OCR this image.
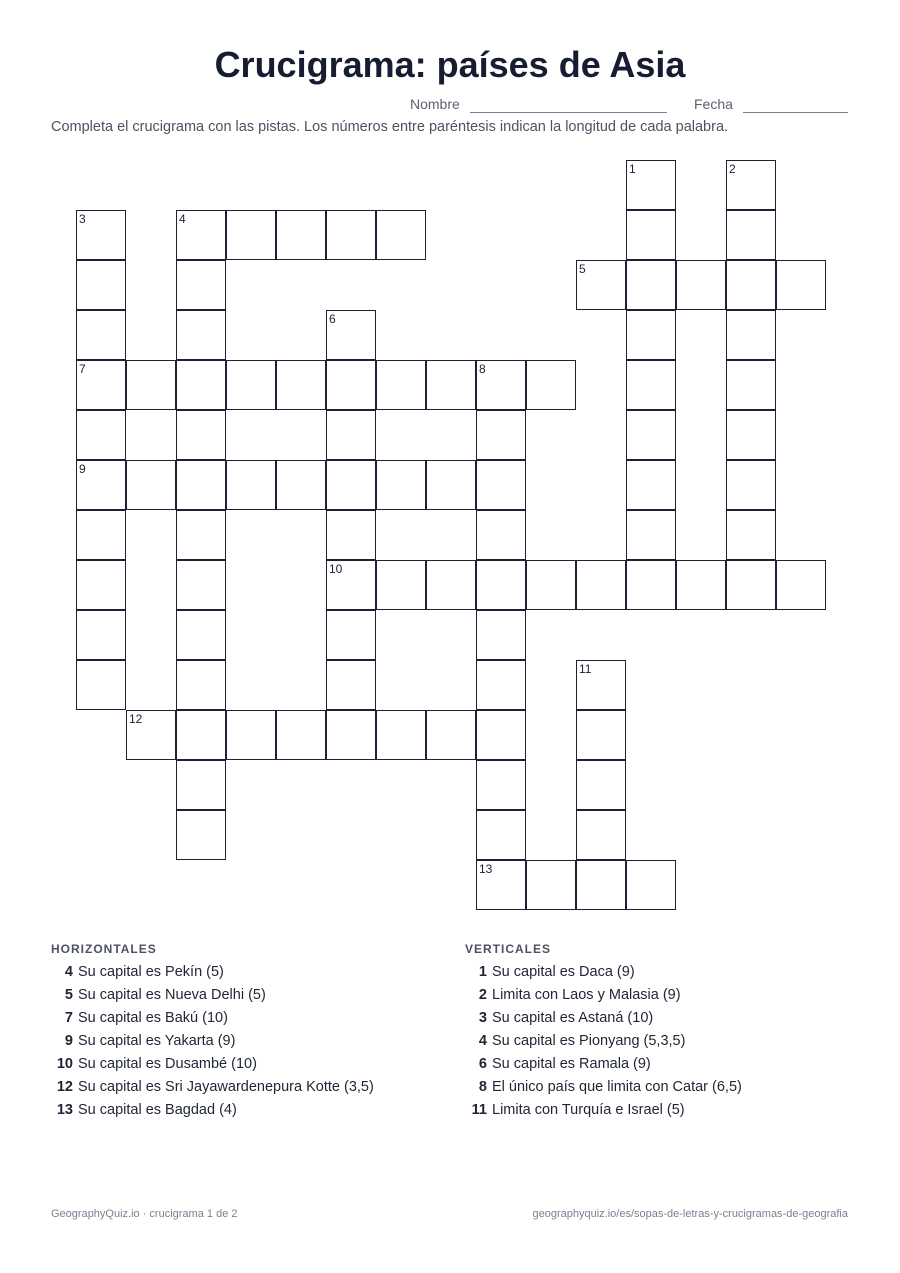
Crucigrama: países de Asia
Nombre	Fecha
Completa el crucigrama con las pistas. Los números entre paréntesis indican la longitud de cada palabra.
1	2
3
7
9
4
5
6
10
8
13
11
12
HORIZONTALES
4 Su capital es Pekín (5)
5 Su capital es Nueva Delhi (5)
7 Su capital es Bakú (10)
9 Su capital es Yakarta (9)
10 Su capital es Dusambé (10)
12 Su capital es Sri Jayawardenepura Kotte (3,5)
13 Su capital es Bagdad (4)
VERTICALES
1 Su capital es Daca (9)
2 Limita con Laos y Malasia (9)
3 Su capital es Astaná (10)
4 Su capital es Pionyang (5,3,5)
6 Su capital es Ramala (9)
8 El único país que limita con Catar (6,5)
11 Limita con Turquía e Israel (5)
GeographyQuiz.io · crucigrama 1 de 2	geographyquiz.io/es/sopas-de-letras-y-crucigramas-de-geografia
